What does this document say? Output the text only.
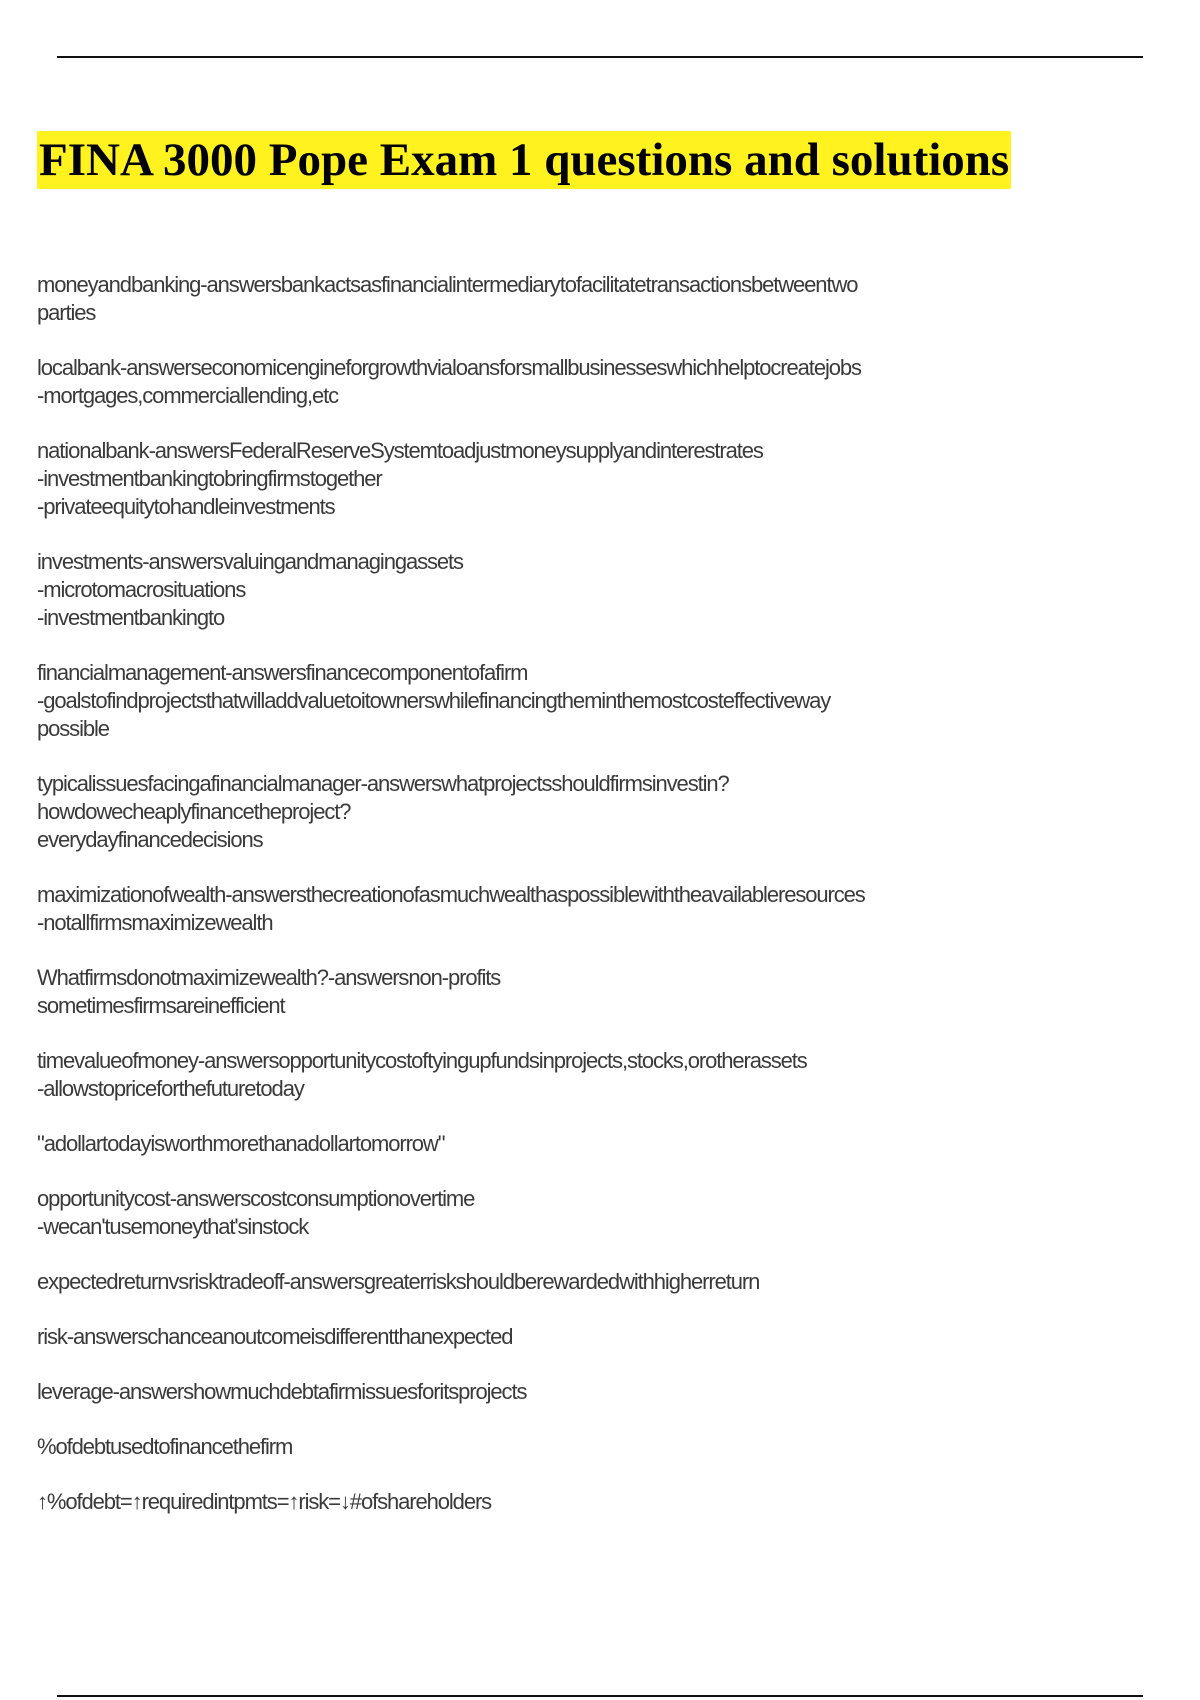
FINA 3000 Pope Exam 1 questions and solutions
moneyandbanking-answersbankactsasfinancialintermediarytofacilitatetransactionsbetweentwo
parties
localbank-answerseconomicengineforgrowthvialoansforsmallbusinesseswhichhelptocreatejobs
-mortgages,commerciallending,etc
nationalbank-answersFederalReserveSystemtoadjustmoneysupplyandinterestrates
-investmentbankingtobringfirmstogether
-privateequitytohandleinvestments
investments-answersvaluingandmanagingassets
-microtomacrosituations
-investmentbankingto
financialmanagement-answersfinancecomponentofafirm
-goalstofindprojectsthatwilladdvaluetoitownerswhilefinancingtheminthemostcosteffectiveway
possible
typicalissuesfacingafinancialmanager-answerswhatprojectsshouldfirmsinvestin?
howdowecheaplyfinancetheproject?
everydayfinancedecisions
maximizationofwealth-answersthecreationofasmuchwealthaspossiblewiththeavailableresources
-notallfirmsmaximizewealth
Whatfirmsdonotmaximizewealth?-answersnon-profits
sometimesfirmsareinefficient
timevalueofmoney-answersopportunitycostoftyingupfundsinprojects,stocks,orotherassets
-allowstopriceforthefuturetoday
"adollartodayisworthmorethanadollartomorrow"
opportunitycost-answerscostconsumptionovertime
-wecan'tusemoneythat'sinstock
expectedreturnvsrisktradeoff-answersgreaterriskshouldberewardedwithhigherreturn
risk-answerschanceanoutcomeisdifferentthanexpected
leverage-answershowmuchdebtafirmissuesforitsprojects
%ofdebtusedtofinancethefirm
↑%ofdebt=↑requiredintpmts=↑risk=↓#ofshareholders
